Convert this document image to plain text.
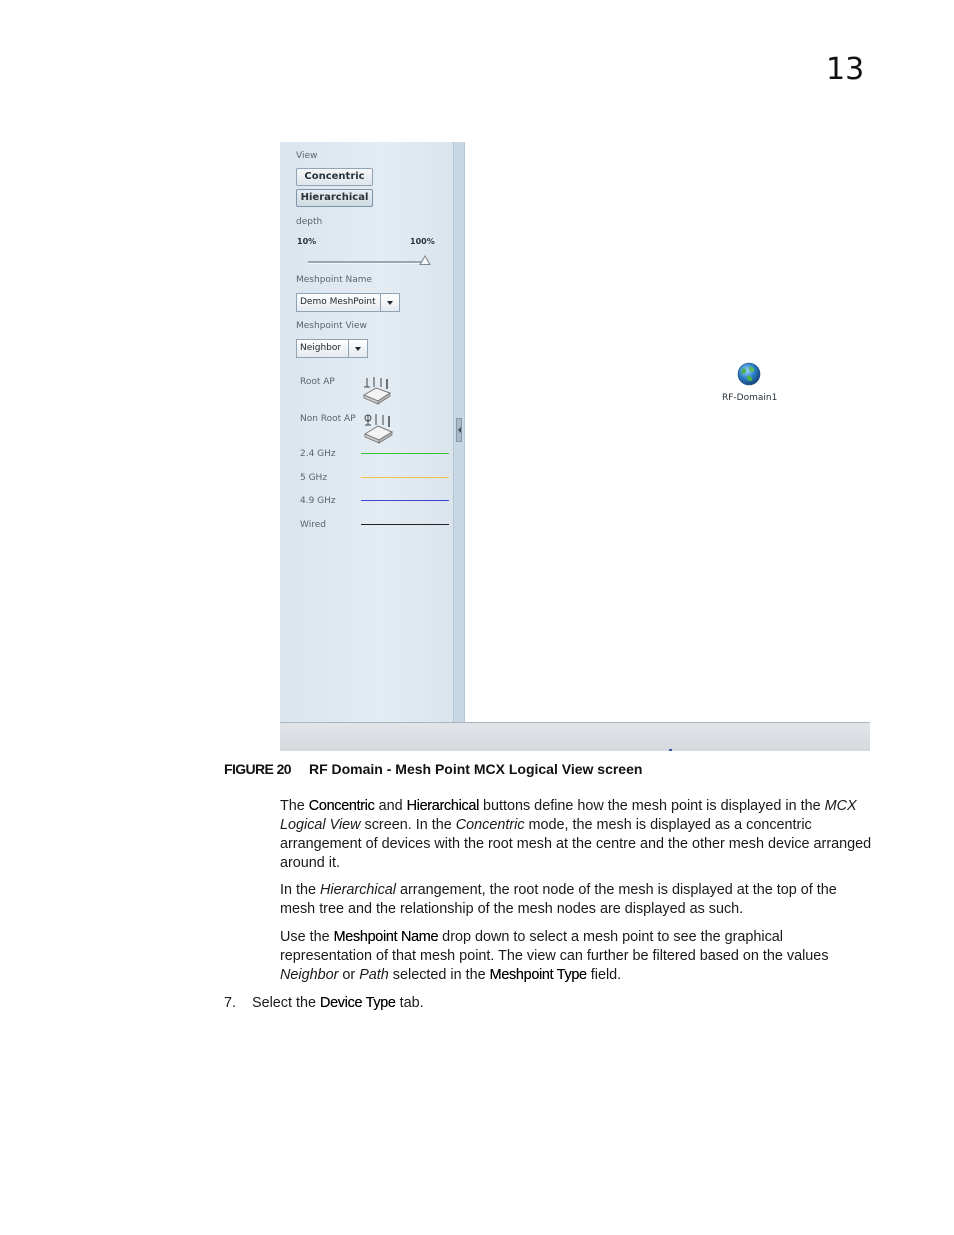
13
View
Concentric
Hierarchical
depth
10%	100%
Meshpoint Name
Demo MeshPoint
Meshpoint View
Neighbor
Root AP
Non Root AP
2.4 GHz
5 GHz
4.9 GHz
Wired
RF-Domain1
FIGURE 20 RF Domain - Mesh Point MCX Logical View screen
The Concentric and Hierarchical buttons define how the mesh point is displayed in the MCX Logical View screen. In the Concentric mode, the mesh is displayed as a concentric arrangement of devices with the root mesh at the centre and the other mesh device arranged around it.
In the Hierarchical arrangement, the root node of the mesh is displayed at the top of the mesh tree and the relationship of the mesh nodes are displayed as such.
Use the Meshpoint Name drop down to select a mesh point to see the graphical representation of that mesh point. The view can further be filtered based on the values Neighbor or Path selected in the Meshpoint Type field.
7. Select the Device Type tab.
